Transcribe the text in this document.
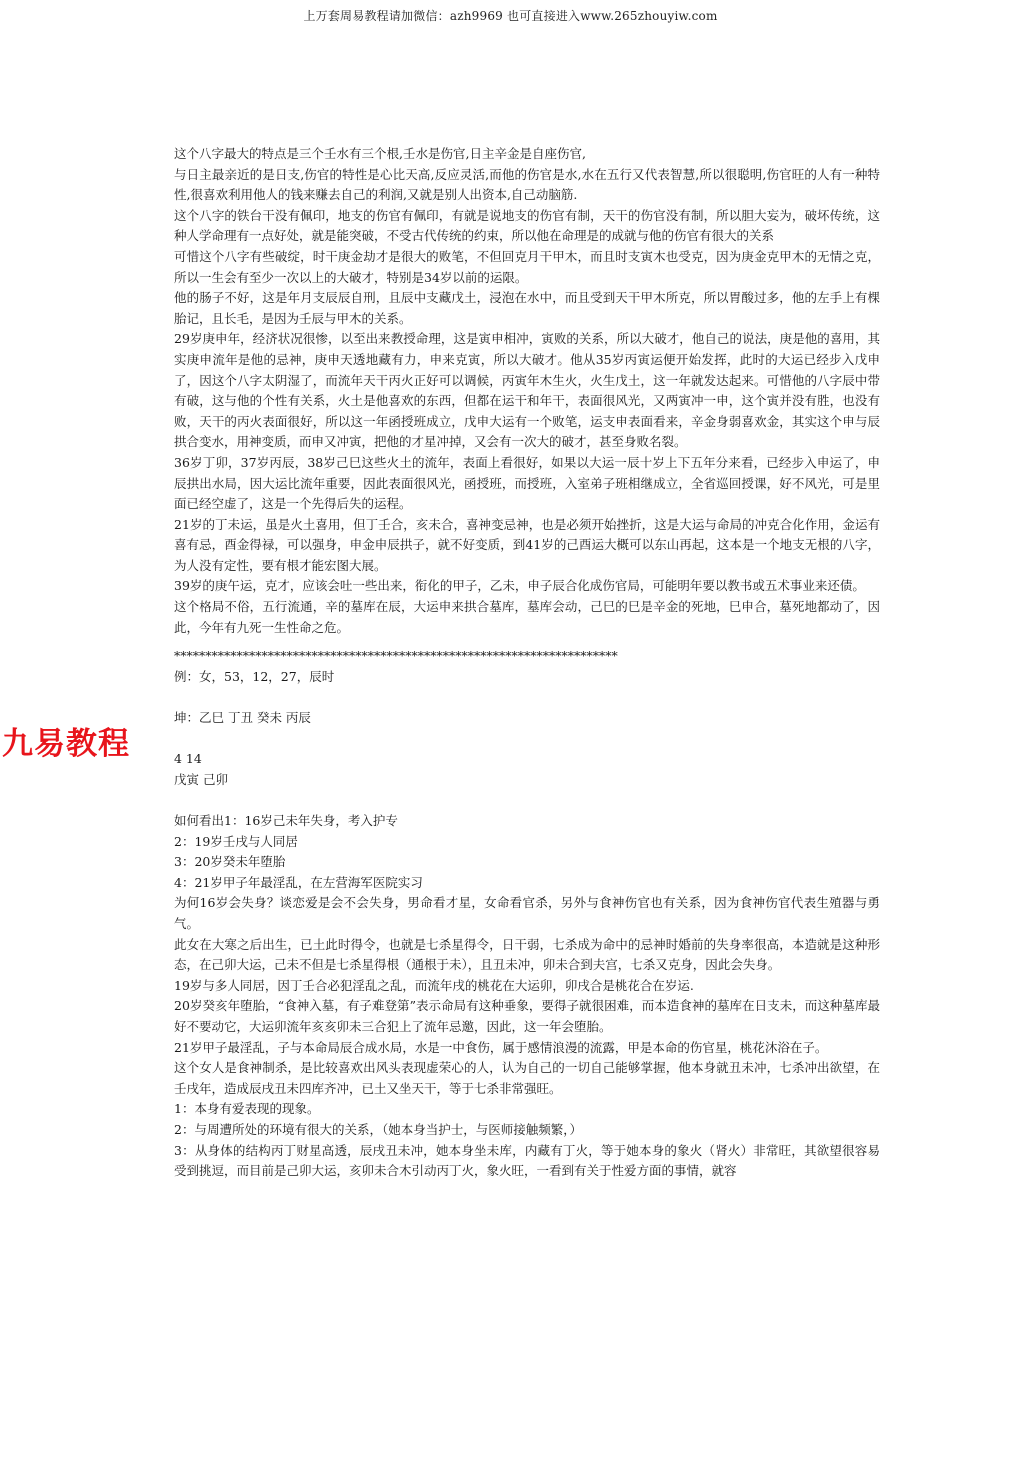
上万套周易教程请加微信：azh9969 也可直接进入www.265zhouyiw.com
九易教程

这个八字最大的特点是三个壬水有三个根,壬水是伤官,日主辛金是自座伤官,

与日主最亲近的是日支,伤官的特性是心比天高,反应灵活,而他的伤官是水,水在五行又代表智慧,所以很聪明,伤官旺的人有一种特性,很喜欢利用他人的钱来赚去自己的利润,又就是别人出资本,自己动脑筋.

这个八字的铁台干没有佩印，地支的伤官有佩印，有就是说地支的伤官有制，天干的伤官没有制，所以胆大妄为，破坏传统，这种人学命理有一点好处，就是能突破，不受古代传统的约束，所以他在命理是的成就与他的伤官有很大的关系

可惜这个八字有些破绽，时干庚金劫才是很大的败笔，不但回克月干甲木，而且时支寅木也受克，因为庚金克甲木的无情之克，所以一生会有至少一次以上的大破才，特别是34岁以前的运限。

他的肠子不好，这是年月支辰辰自刑，且辰中支藏戊土，浸泡在水中，而且受到天干甲木所克，所以胃酸过多，他的左手上有棵胎记，且长毛，是因为壬辰与甲木的关系。

29岁庚申年，经济状况很惨，以至出来教授命理，这是寅申相冲，寅败的关系，所以大破才，他自己的说法，庚是他的喜用，其实庚申流年是他的忌神，庚申天透地藏有力，申来克寅，所以大破才。他从35岁丙寅运便开始发挥，此时的大运已经步入戊申了，因这个八字太阴湿了，而流年天干丙火正好可以调候，丙寅年木生火，火生戊土，这一年就发达起来。可惜他的八字辰中带有破，这与他的个性有关系，火土是他喜欢的东西，但都在运干和年干，表面很风光，又两寅冲一申，这个寅并没有胜，也没有败，天干的丙火表面很好，所以这一年函授班成立，戊申大运有一个败笔，运支申表面看来，辛金身弱喜欢金，其实这个申与辰拱合变水，用神变质，而申又冲寅，把他的才星冲掉，又会有一次大的破才，甚至身败名裂。

36岁丁卯，37岁丙辰，38岁己巳这些火土的流年，表面上看很好，如果以大运一辰十岁上下五年分来看，已经步入申运了，申辰拱出水局，因大运比流年重要，因此表面很风光，函授班，而授班，入室弟子班相继成立，全省巡回授课，好不风光，可是里面已经空虚了，这是一个先得后失的运程。

21岁的丁未运，虽是火土喜用，但丁壬合，亥未合，喜神变忌神，也是必须开始挫折，这是大运与命局的冲克合化作用，金运有喜有忌，酉金得禄，可以强身，申金申辰拱子，就不好变质，到41岁的己酉运大概可以东山再起，这本是一个地支无根的八字，为人没有定性，要有根才能宏图大展。

39岁的庚午运，克才，应该会吐一些出来，衔化的甲子，乙未，申子辰合化成伤官局，可能明年要以教书或五术事业来还债。

这个格局不俗，五行流通，辛的墓库在辰，大运申来拱合墓库，墓库会动，己巳的巳是辛金的死地，巳申合，墓死地都动了，因此，今年有九死一生性命之危。

***********************************************************************

例：女，53，12，27，辰时

坤：乙巳 丁丑 癸未 丙辰

4 14

戊寅 己卯

如何看出1：16岁己未年失身，考入护专

2：19岁壬戌与人同居

3：20岁癸未年堕胎

4：21岁甲子年最淫乱，在左营海军医院实习

为何16岁会失身？谈恋爱是会不会失身，男命看才星，女命看官杀，另外与食神伤官也有关系，因为食神伤官代表生殖器与勇气。

此女在大寒之后出生，已土此时得令，也就是七杀星得令，日干弱，七杀成为命中的忌神时婚前的失身率很高，本造就是这种形态，在己卯大运，己未不但是七杀星得根（通根于未），且丑未冲，卯未合到夫宫，七杀又克身，因此会失身。

19岁与多人同居，因丁壬合必犯淫乱之乱，而流年戌的桃花在大运卯，卯戌合是桃花合在岁运.

20岁癸亥年堕胎，“食神入墓，有子难登第”表示命局有这种垂象，要得子就很困难，而本造食神的墓库在日支未，而这种墓库最好不要动它，大运卯流年亥亥卯未三合犯上了流年忌邀，因此，这一年会堕胎。

21岁甲子最淫乱，子与本命局辰合成水局，水是一中食伤，属于感情浪漫的流露，甲是本命的伤官星，桃花沐浴在子。

这个女人是食神制杀，是比较喜欢出风头表现虚荣心的人，认为自己的一切自己能够掌握，他本身就丑未冲，七杀冲出欲望，在壬戌年，造成辰戌丑未四库齐冲，已土又坐天干，等于七杀非常强旺。

1：本身有爱表现的现象。

2：与周遭所处的环境有很大的关系，（她本身当护士，与医师接触频繁，）

3：从身体的结构丙丁财星高透，辰戌丑未冲，她本身坐未库，内藏有丁火，等于她本身的象火（肾火）非常旺，其欲望很容易受到挑逗，而目前是己卯大运，亥卯未合木引动丙丁火，象火旺，一看到有关于性爱方面的事情，就容
